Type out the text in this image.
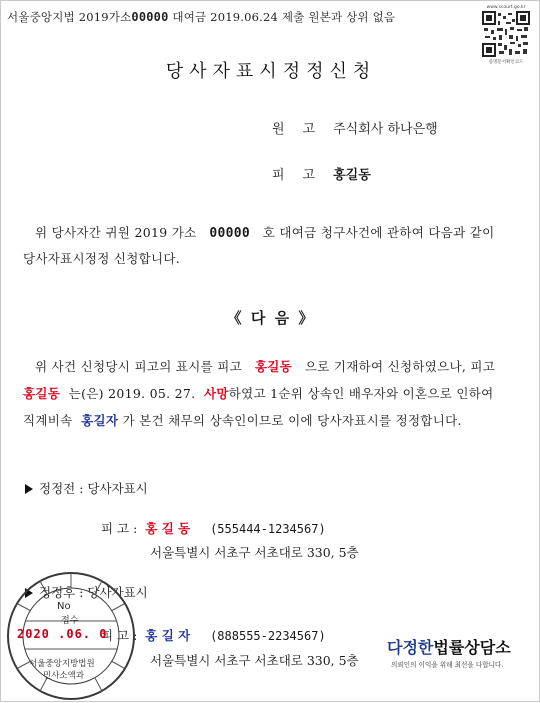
서울중앙지법 2019가소00000 대여금 2019.06.24 제출 원본과 상위 없음
www.scourt.go.kr
증명문서확인코드
당사자표시정정신청
원고주식회사 하나은행
피고홍길동
위 당사자간 귀원 2019 가소 00000 호 대여금 청구사건에 관하여 다음과 같이
당사자표시정정 신청합니다.
《 다 음 》
위 사건 신청당시 피고의 표시를 피고 홍길동 으로 기재하여 신청하였으나, 피고
홍길동 는(은) 2019. 05. 27. 사망하였고 1순위 상속인 배우자와 이혼으로 인하여
직계비속 홍길자 가 본건 채무의 상속인이므로 이에 당사자표시를 정정합니다.
정정전 : 당사자표시
피 고 : 홍 길 동 (555444-1234567)
서울특별시 서초구 서초대로 330, 5층
정정후 : 당사자표시
피 고 : 홍 길 자 (888555-2234567)
서울특별시 서초구 서초대로 330, 5층
No
접수
2020 .06. 0
서울중앙지방법원
민사소액과
다정한법률상담소
의뢰인의 이익을 위해 최선을 다합니다.
